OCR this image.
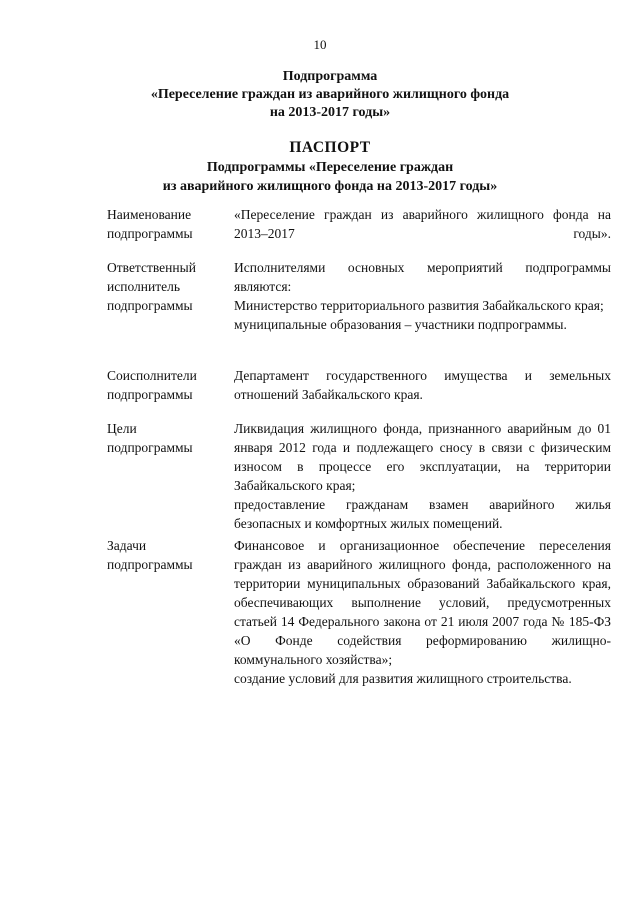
10
Подпрограмма
«Переселение граждан из аварийного жилищного фонда
на 2013-2017 годы»
ПАСПОРТ
Подпрограммы «Переселение граждан
из аварийного жилищного фонда на 2013-2017 годы»
Наименование
подпрограммы

«Переселение граждан из аварийного жилищного фонда на 2013–2017 годы».

Ответственный
исполнитель
подпрограммы

Исполнителями основных мероприятий подпрограммы являются:

Министерство территориального развития Забайкальского края;

муниципальные образования – участники подпрограммы.

Соисполнители
подпрограммы

Департамент государственного имущества и земельных отношений Забайкальского края.

Цели
подпрограммы

Ликвидация жилищного фонда, признанного аварийным до 01 января 2012 года и подлежащего сносу в связи с физическим износом в процессе его эксплуатации, на территории Забайкальского края;

предоставление гражданам взамен аварийного жилья безопасных и комфортных жилых помещений.

Задачи
подпрограммы

Финансовое и организационное обеспечение переселения граждан из аварийного жилищного фонда, расположенного на территории муниципальных образований Забайкальского края, обеспечивающих выполнение условий, предусмотренных статьей 14 Федерального закона от 21 июля 2007 года № 185-ФЗ «О Фонде содействия реформированию жилищно-коммунального хозяйства»;

создание условий для развития жилищного строительства.
